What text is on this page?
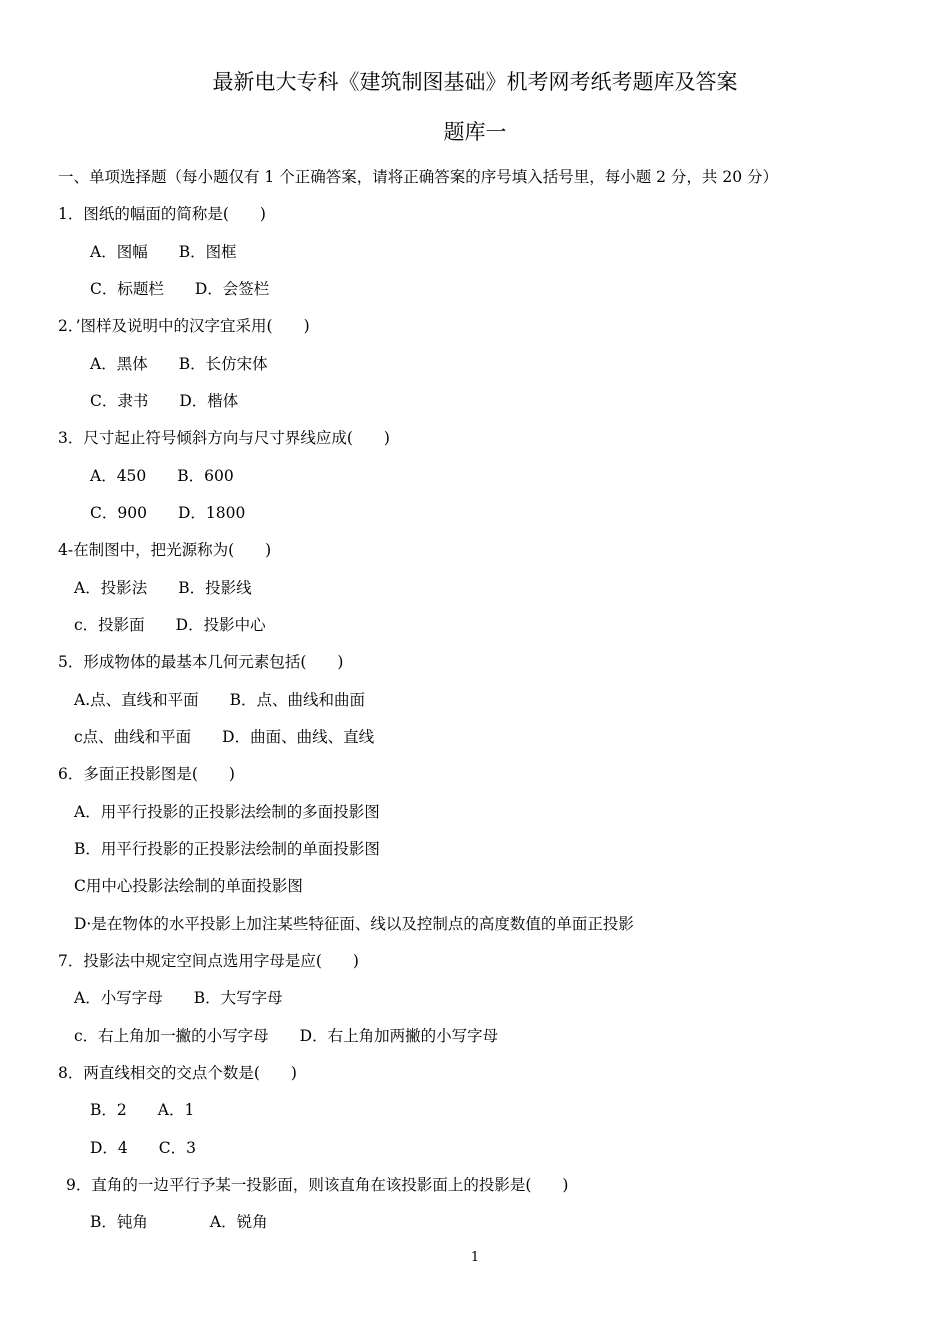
最新电大专科《建筑制图基础》机考网考纸考题库及答案
题库一
一、单项选择题（每小题仅有 1 个正确答案，请将正确答案的序号填入括号里，每小题 2 分，共 20 分）
1．图纸的幅面的简称是(　　)
A．图幅　　B．图框
C．标题栏　　D．会签栏
2．’图样及说明中的汉字宜采用(　　)
A．黑体　　B．长仿宋体
C．隶书　　D．楷体
3．尺寸起止符号倾斜方向与尺寸界线应成(　　)
A．450　　B．600
C．900　　D．1800
4-在制图中，把光源称为(　　)
A．投影法　　B．投影线
c．投影面　　D．投影中心
5．形成物体的最基本几何元素包括(　　)
A.点、直线和平面　　B．点、曲线和曲面
c点、曲线和平面　　D．曲面、曲线、直线
6．多面正投影图是(　　)
A．用平行投影的正投影法绘制的多面投影图
B．用平行投影的正投影法绘制的单面投影图
C用中心投影法绘制的单面投影图
D·是在物体的水平投影上加注某些特征面、线以及控制点的高度数值的单面正投影
7．投影法中规定空间点选用字母是应(　　)
A．小写字母　　B．大写字母
c．右上角加一撇的小写字母　　D．右上角加两撇的小写字母
8．两直线相交的交点个数是(　　)
B．2　　A．1
D．4　　C．3
9．直角的一边平行予某一投影面，则该直角在该投影面上的投影是(　　)
B．钝角　　　　A．锐角
1
